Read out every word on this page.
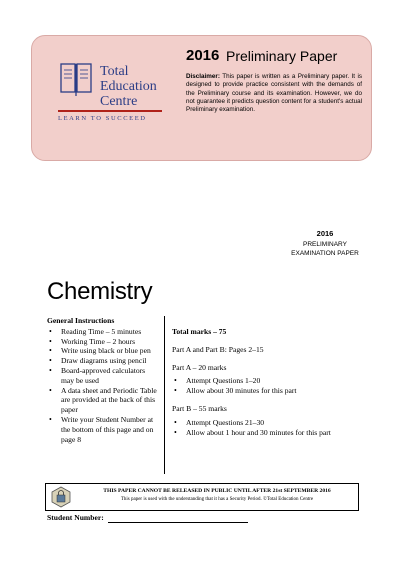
Total
Education
Centre
LEARN TO SUCCEED
2016 Preliminary Paper
Disclaimer: This paper is written as a Preliminary paper. It is designed to provide practice consistent with the demands of the Preliminary course and its examination. However, we do not guarantee it predicts question content for a student's actual Preliminary examination.
2016
PRELIMINARY
EXAMINATION PAPER
Chemistry
General Instructions
• Reading Time – 5 minutes
• Working Time – 2 hours
• Write using black or blue pen
• Draw diagrams using pencil
• Board-approved calculators may be used
• A data sheet and Periodic Table are provided at the back of this paper
• Write your Student Number at the bottom of this page and on page 8
Total marks – 75
Part A and Part B: Pages 2–15
Part A – 20 marks
• Attempt Questions 1–20
• Allow about 30 minutes for this part
Part B – 55 marks
• Attempt Questions 21–30
• Allow about 1 hour and 30 minutes for this part
THIS PAPER CANNOT BE RELEASED IN PUBLIC UNTIL AFTER 21st SEPTEMBER 2016
This paper is used with the understanding that it has a Security Period. ©Total Education Centre
Student Number:
